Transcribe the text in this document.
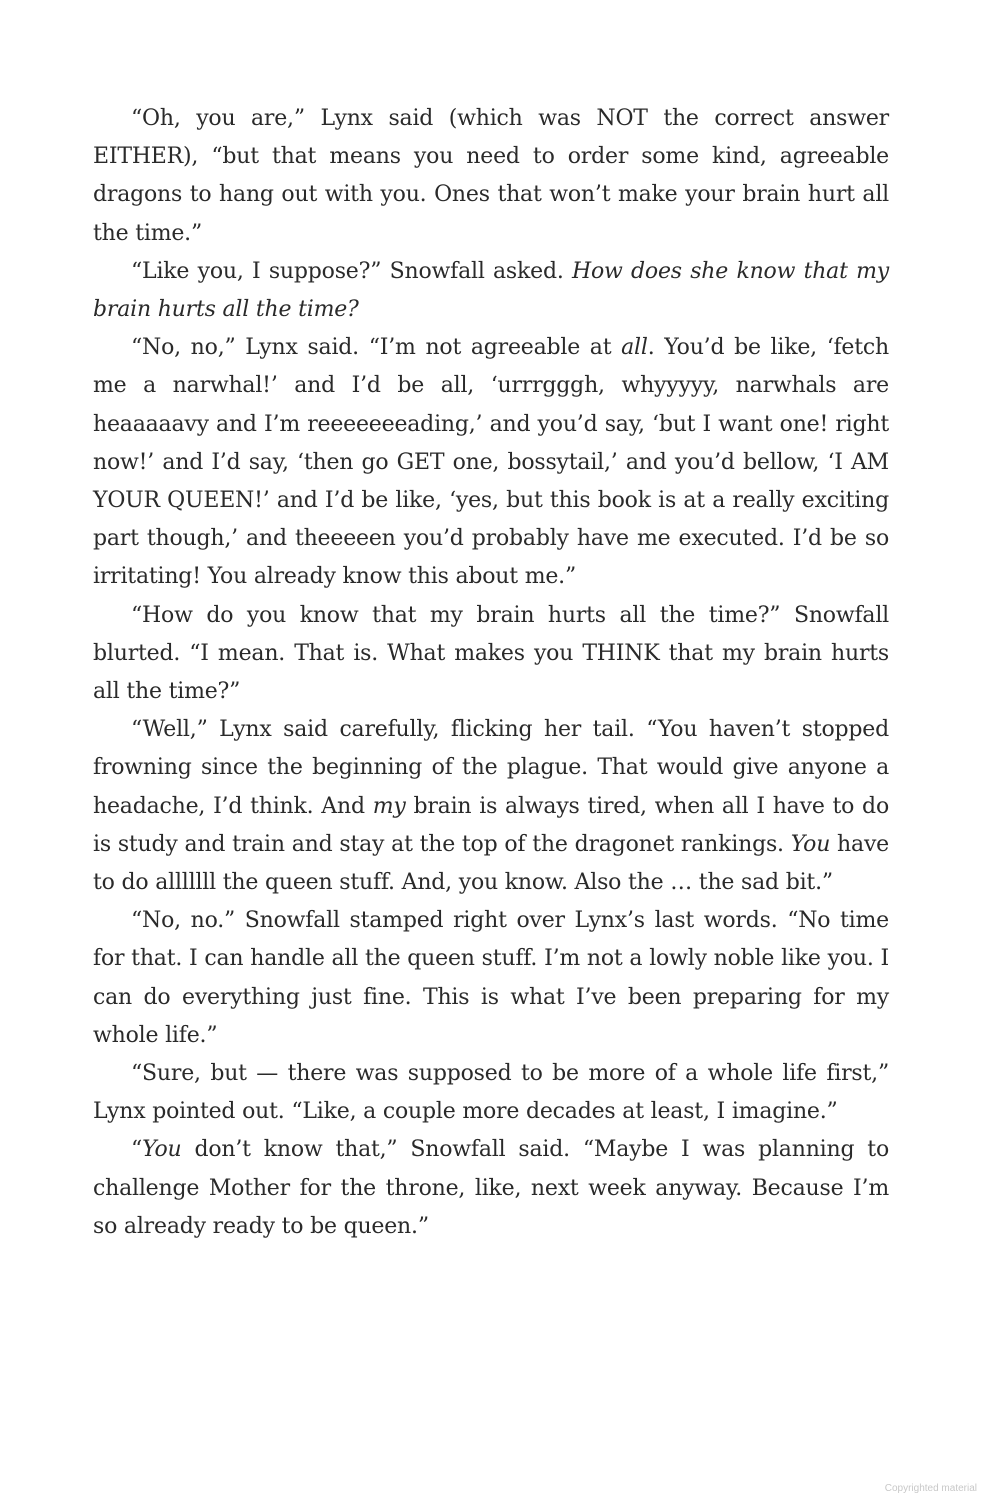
“Oh, you are,” Lynx said (which was NOT the correct answer EITHER), “but that means you need to order some kind, agreeable dragons to hang out with you. Ones that won’t make your brain hurt all the time.”

“Like you, I suppose?” Snowfall asked. How does she know that my brain hurts all the time?

“No, no,” Lynx said. “I’m not agreeable at all. You’d be like, ‘fetch me a narwhal!’ and I’d be all, ‘urrrgggh, whyyyyy, narwhals are heaaaaavy and I’m reeeeeeeading,’ and you’d say, ‘but I want one! right now!’ and I’d say, ‘then go GET one, bossytail,’ and you’d bellow, ‘I AM YOUR QUEEN!’ and I’d be like, ‘yes, but this book is at a really exciting part though,’ and theeeeen you’d probably have me executed. I’d be so irritating! You already know this about me.”

“How do you know that my brain hurts all the time?” Snowfall blurted. “I mean. That is. What makes you THINK that my brain hurts all the time?”

“Well,” Lynx said carefully, flicking her tail. “You haven’t stopped frowning since the beginning of the plague. That would give anyone a headache, I’d think. And my brain is always tired, when all I have to do is study and train and stay at the top of the dragonet rankings. You have to do alllllll the queen stuff. And, you know. Also the … the sad bit.”

“No, no.” Snowfall stamped right over Lynx’s last words. “No time for that. I can handle all the queen stuff. I’m not a lowly noble like you. I can do everything just fine. This is what I’ve been preparing for my whole life.”

“Sure, but — there was supposed to be more of a whole life first,” Lynx pointed out. “Like, a couple more decades at least, I imagine.”

“You don’t know that,” Snowfall said. “Maybe I was planning to challenge Mother for the throne, like, next week anyway. Because I’m so already ready to be queen.”

Copyrighted material
